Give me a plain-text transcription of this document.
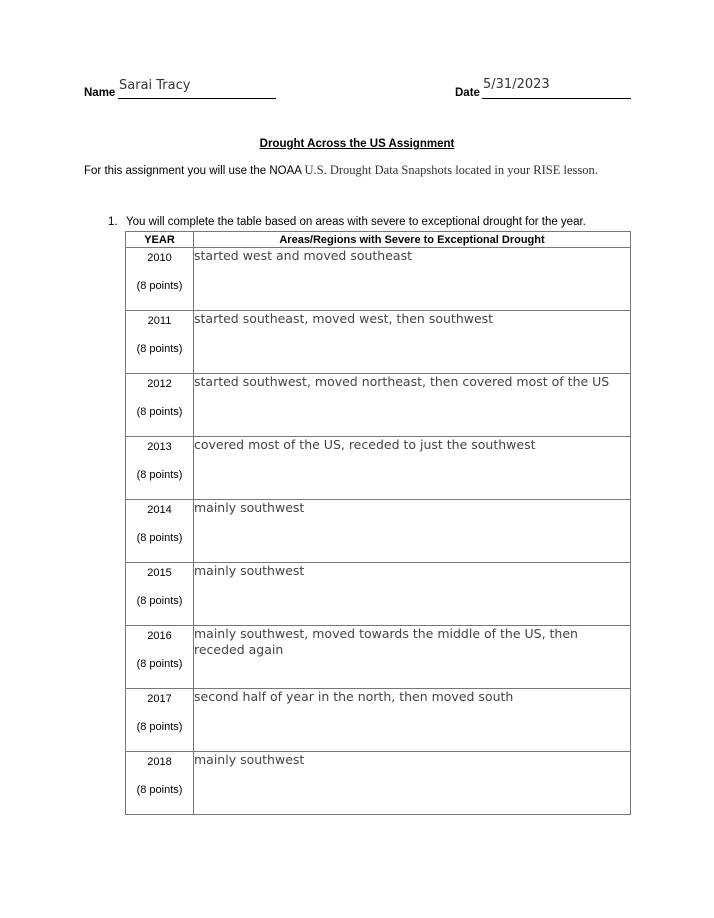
Name Sarai Tracy	Date
5/31/2023
Drought Across the US Assignment
For this assignment you will use the NOAA U.S. Drought Data Snapshots located in your RISE lesson.
1. You will complete the table based on areas with severe to exceptional drought for the year.
YEAR	Areas/Regions with Severe to Exceptional Drought

2010
(8 points)	started west and moved southeast

2011
(8 points)	started southeast, moved west, then southwest

2012
(8 points)	started southwest, moved northeast, then covered most of the US

2013
(8 points)	covered most of the US, receded to just the southwest

2014
(8 points)	mainly southwest

2015
(8 points)	mainly southwest

2016
(8 points)	mainly southwest, moved towards the middle of the US, then receded again

2017
(8 points)	second half of year in the north, then moved south

2018
(8 points)	mainly southwest
